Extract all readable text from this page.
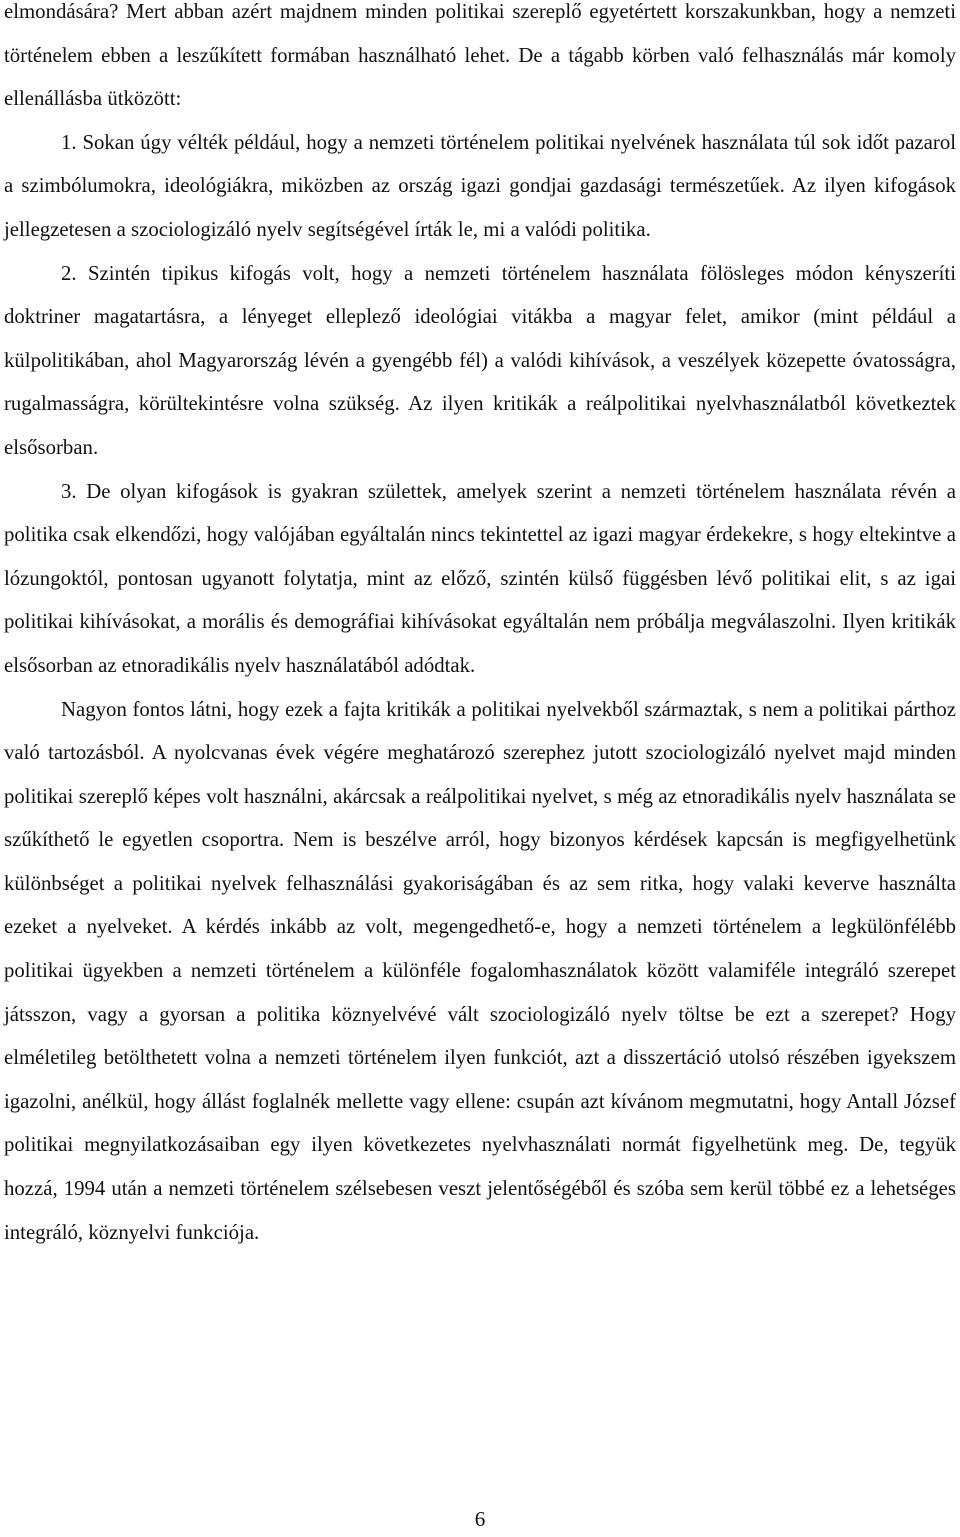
elmondására? Mert abban azért majdnem minden politikai szereplő egyetértett korszakunkban, hogy a nemzeti történelem ebben a leszűkített formában használható lehet. De a tágabb körben való felhasználás már komoly ellenállásba ütközött:

1. Sokan úgy vélték például, hogy a nemzeti történelem politikai nyelvének használata túl sok időt pazarol a szimbólumokra, ideológiákra, miközben az ország igazi gondjai gazdasági természetűek. Az ilyen kifogások jellegzetesen a szociologizáló nyelv segítségével írták le, mi a valódi politika.

2. Szintén tipikus kifogás volt, hogy a nemzeti történelem használata fölösleges módon kényszeríti doktriner magatartásra, a lényeget elleplező ideológiai vitákba a magyar felet, amikor (mint például a külpolitikában, ahol Magyarország lévén a gyengébb fél) a valódi kihívások, a veszélyek közepette óvatosságra, rugalmasságra, körültekintésre volna szükség. Az ilyen kritikák a reálpolitikai nyelvhasználatból következtek elsősorban.

3. De olyan kifogások is gyakran születtek, amelyek szerint a nemzeti történelem használata révén a politika csak elkendőzi, hogy valójában egyáltalán nincs tekintettel az igazi magyar érdekekre, s hogy eltekintve a lózungoktól, pontosan ugyanott folytatja, mint az előző, szintén külső függésben lévő politikai elit, s az igai politikai kihívásokat, a morális és demográfiai kihívásokat egyáltalán nem próbálja megválaszolni. Ilyen kritikák elsősorban az etnoradikális nyelv használatából adódtak.

Nagyon fontos látni, hogy ezek a fajta kritikák a politikai nyelvekből származtak, s nem a politikai párthoz való tartozásból. A nyolcvanas évek végére meghatározó szerephez jutott szociologizáló nyelvet majd minden politikai szereplő képes volt használni, akárcsak a reálpolitikai nyelvet, s még az etnoradikális nyelv használata se szűkíthető le egyetlen csoportra. Nem is beszélve arról, hogy bizonyos kérdések kapcsán is megfigyelhetünk különbséget a politikai nyelvek felhasználási gyakoriságában és az sem ritka, hogy valaki keverve használta ezeket a nyelveket. A kérdés inkább az volt, megengedhető-e, hogy a nemzeti történelem a legkülönfélébb politikai ügyekben a nemzeti történelem a különféle fogalomhasználatok között valamiféle integráló szerepet játsszon, vagy a gyorsan a politika köznyelvévé vált szociologizáló nyelv töltse be ezt a szerepet? Hogy elméletileg betölthetett volna a nemzeti történelem ilyen funkciót, azt a disszertáció utolsó részében igyekszem igazolni, anélkül, hogy állást foglalnék mellette vagy ellene: csupán azt kívánom megmutatni, hogy Antall József politikai megnyilatkozásaiban egy ilyen következetes nyelvhasználati normát figyelhetünk meg. De, tegyük hozzá, 1994 után a nemzeti történelem szélsebesen veszt jelentőségéből és szóba sem kerül többé ez a lehetséges integráló, köznyelvi funkciója.

6
